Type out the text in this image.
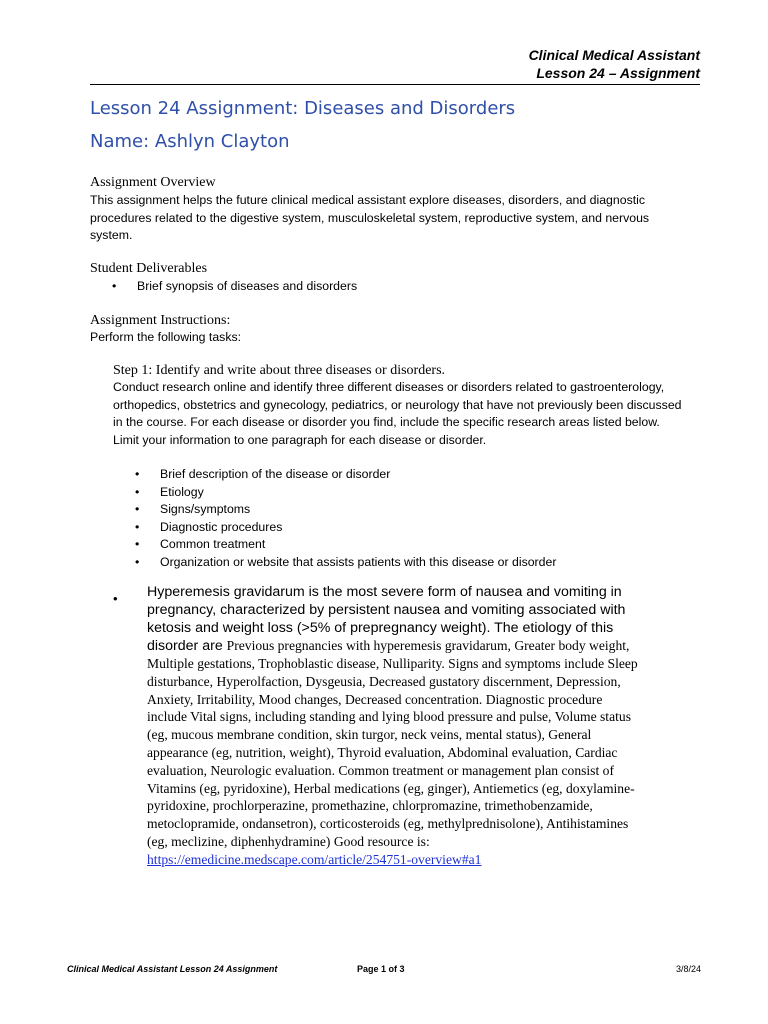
Clinical Medical Assistant
Lesson 24 – Assignment
Lesson 24 Assignment: Diseases and Disorders
Name: Ashlyn Clayton
Assignment Overview
This assignment helps the future clinical medical assistant explore diseases, disorders, and diagnostic
procedures related to the digestive system, musculoskeletal system, reproductive system, and nervous
system.
Student Deliverables
• Brief synopsis of diseases and disorders
Assignment Instructions:
Perform the following tasks:
Step 1: Identify and write about three diseases or disorders.
Conduct research online and identify three different diseases or disorders related to gastroenterology,
orthopedics, obstetrics and gynecology, pediatrics, or neurology that have not previously been discussed
in the course. For each disease or disorder you find, include the specific research areas listed below.
Limit your information to one paragraph for each disease or disorder.
• Brief description of the disease or disorder
• Etiology
• Signs/symptoms
• Diagnostic procedures
• Common treatment
• Organization or website that assists patients with this disease or disorder
• Hyperemesis gravidarum is the most severe form of nausea and vomiting in
pregnancy, characterized by persistent nausea and vomiting associated with
ketosis and weight loss (>5% of prepregnancy weight). The etiology of this
disorder are Previous pregnancies with hyperemesis gravidarum, Greater body weight,
Multiple gestations, Trophoblastic disease, Nulliparity. Signs and symptoms include Sleep
disturbance, Hyperolfaction, Dysgeusia, Decreased gustatory discernment, Depression,
Anxiety, Irritability, Mood changes, Decreased concentration. Diagnostic procedure
include Vital signs, including standing and lying blood pressure and pulse, Volume status
(eg, mucous membrane condition, skin turgor, neck veins, mental status), General
appearance (eg, nutrition, weight), Thyroid evaluation, Abdominal evaluation, Cardiac
evaluation, Neurologic evaluation. Common treatment or management plan consist of
Vitamins (eg, pyridoxine), Herbal medications (eg, ginger), Antiemetics (eg, doxylamine-
pyridoxine, prochlorperazine, promethazine, chlorpromazine, trimethobenzamide,
metoclopramide, ondansetron), corticosteroids (eg, methylprednisolone), Antihistamines
(eg, meclizine, diphenhydramine) Good resource is:
https://emedicine.medscape.com/article/254751-overview#a1
Clinical Medical Assistant Lesson 24 Assignment	Page 1 of 3	3/8/24
